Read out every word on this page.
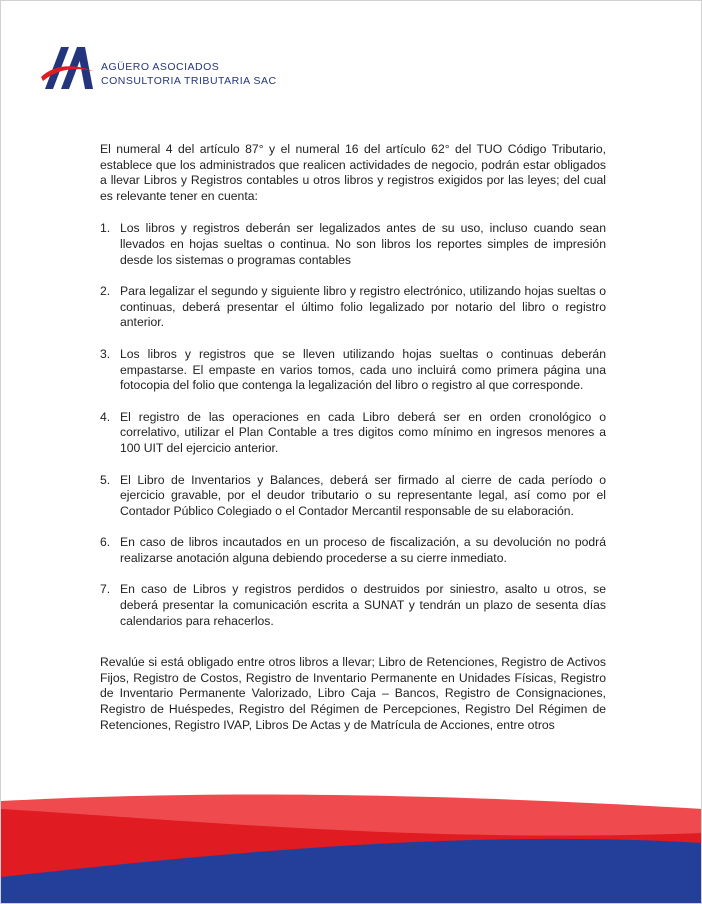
AGÜERO ASOCIADOS
CONSULTORIA TRIBUTARIA SAC

El numeral 4 del artículo 87° y el numeral 16 del artículo 62° del TUO Código Tributario, establece que los administrados que realicen actividades de negocio, podrán estar obligados a llevar Libros y Registros contables u otros libros y registros exigidos por las leyes; del cual es relevante tener en cuenta:

1. Los libros y registros deberán ser legalizados antes de su uso, incluso cuando sean llevados en hojas sueltas o continua. No son libros los reportes simples de impresión desde los sistemas o programas contables
2. Para legalizar el segundo y siguiente libro y registro electrónico, utilizando hojas sueltas o continuas, deberá presentar el último folio legalizado por notario del libro o registro anterior.
3. Los libros y registros que se lleven utilizando hojas sueltas o continuas deberán empastarse. El empaste en varios tomos, cada uno incluirá como primera página una fotocopia del folio que contenga la legalización del libro o registro al que corresponde.
4. El registro de las operaciones en cada Libro deberá ser en orden cronológico o correlativo, utilizar el Plan Contable a tres digitos como mínimo en ingresos menores a 100 UIT del ejercicio anterior.
5. El Libro de Inventarios y Balances, deberá ser firmado al cierre de cada período o ejercicio gravable, por el deudor tributario o su representante legal, así como por el Contador Público Colegiado o el Contador Mercantil responsable de su elaboración.
6. En caso de libros incautados en un proceso de fiscalización, a su devolución no podrá realizarse anotación alguna debiendo procederse a su cierre inmediato.
7. En caso de Libros y registros perdidos o destruidos por siniestro, asalto u otros, se deberá presentar la comunicación escrita a SUNAT y tendrán un plazo de sesenta días calendarios para rehacerlos.

Revalúe si está obligado entre otros libros a llevar; Libro de Retenciones, Registro de Activos Fijos, Registro de Costos, Registro de Inventario Permanente en Unidades Físicas, Registro de Inventario Permanente Valorizado, Libro Caja – Bancos, Registro de Consignaciones, Registro de Huéspedes, Registro del Régimen de Percepciones, Registro Del Régimen de Retenciones, Registro IVAP, Libros De Actas y de Matrícula de Acciones, entre otros
